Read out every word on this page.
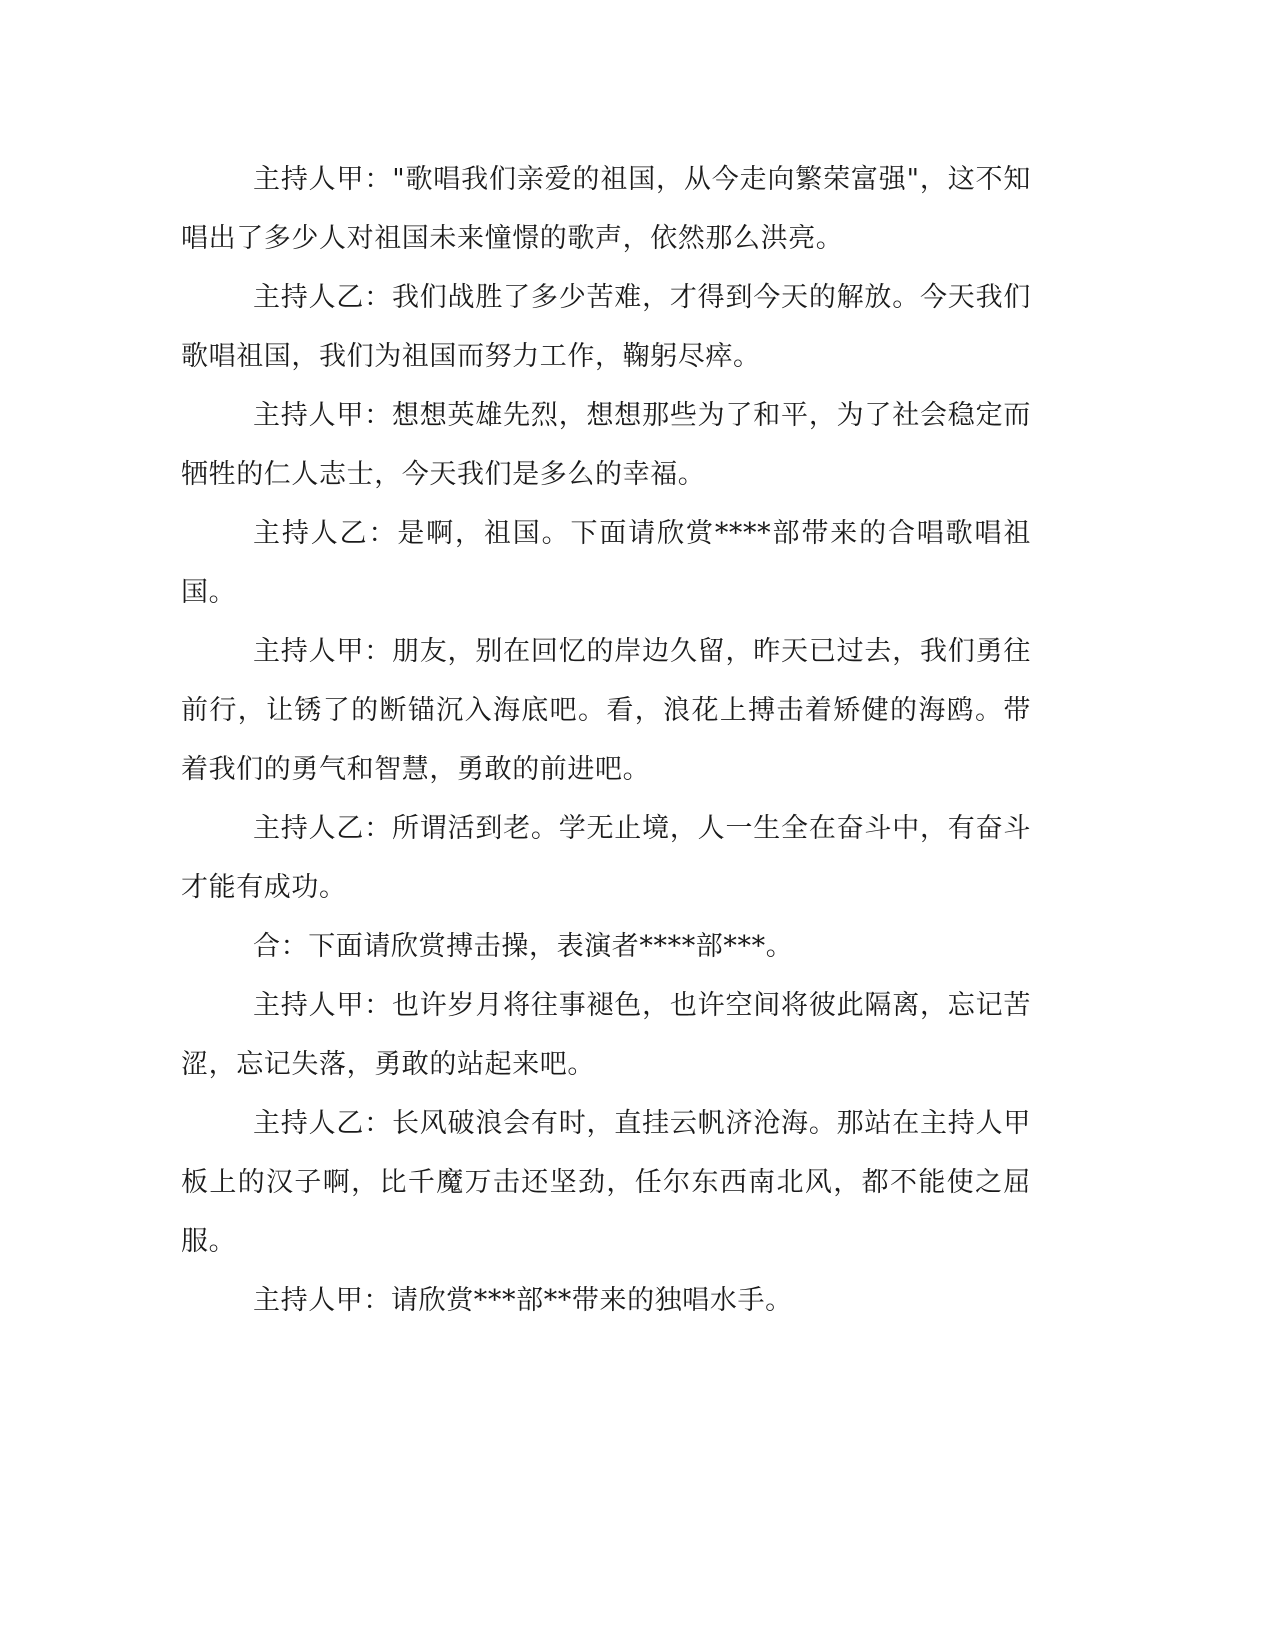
主持人甲："歌唱我们亲爱的祖国，从今走向繁荣富强"，这不知唱出了多少人对祖国未来憧憬的歌声，依然那么洪亮。

主持人乙：我们战胜了多少苦难，才得到今天的解放。今天我们歌唱祖国，我们为祖国而努力工作，鞠躬尽瘁。

主持人甲：想想英雄先烈，想想那些为了和平，为了社会稳定而牺牲的仁人志士，今天我们是多么的幸福。

主持人乙：是啊，祖国。下面请欣赏****部带来的合唱歌唱祖国。

主持人甲：朋友，别在回忆的岸边久留，昨天已过去，我们勇往前行，让锈了的断锚沉入海底吧。看，浪花上搏击着矫健的海鸥。带着我们的勇气和智慧，勇敢的前进吧。

主持人乙：所谓活到老。学无止境，人一生全在奋斗中，有奋斗才能有成功。

合：下面请欣赏搏击操，表演者****部***。

主持人甲：也许岁月将往事褪色，也许空间将彼此隔离，忘记苦涩，忘记失落，勇敢的站起来吧。

主持人乙：长风破浪会有时，直挂云帆济沧海。那站在主持人甲板上的汉子啊，比千魔万击还坚劲，任尔东西南北风，都不能使之屈服。

主持人甲：请欣赏***部**带来的独唱水手。
